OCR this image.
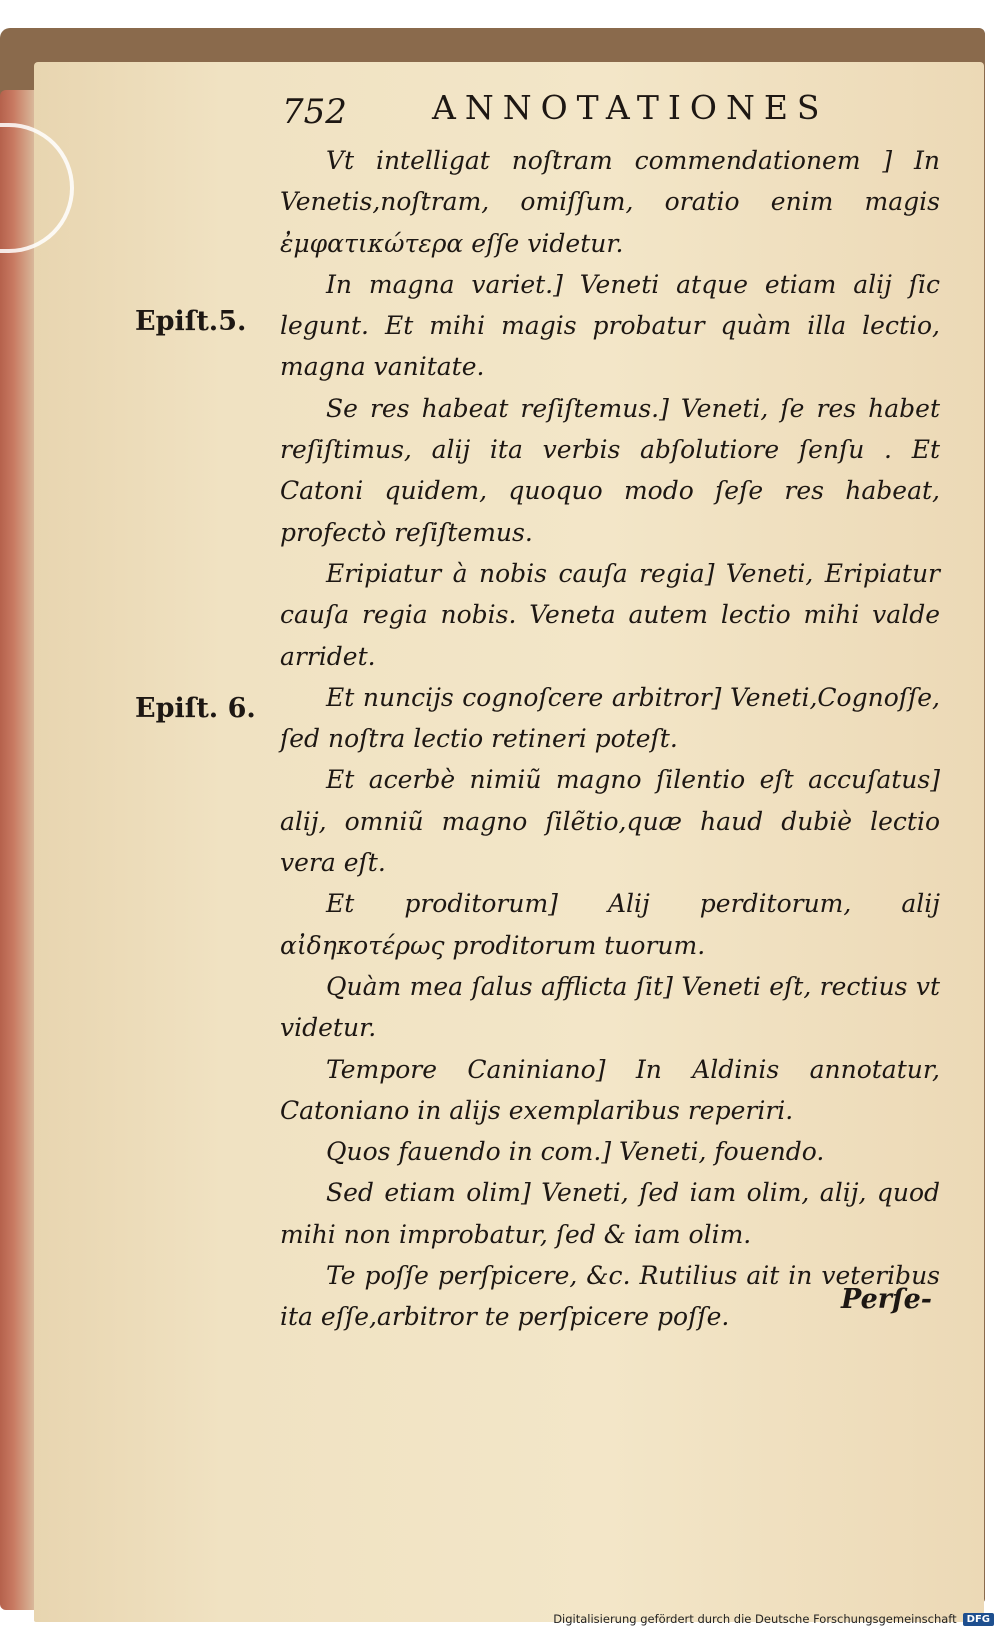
752	ANNOTATIONES
Epiſt.5.
Epiſt. 6.

Vt intelligat noſtram commendationem ] In Venetis,noſtram, omiſſum, oratio enim magis ἐμφατικώτερα eſſe videtur.

In magna variet.] Veneti atque etiam alij ſic legunt. Et mihi magis probatur quàm illa lectio, magna vanitate.

Se res habeat reſiſtemus.] Veneti, ſe res habet reſiſtimus, alij ita verbis abſolutiore ſenſu . Et Catoni quidem, quoquo modo ſeſe res habeat, profectò reſiſtemus.

Eripiatur à nobis cauſa regia] Veneti, Eripiatur cauſa regia nobis. Veneta autem lectio mihi valde arridet.

Et nuncijs cognoſcere arbitror] Veneti,Cognoſſe, ſed noſtra lectio retineri poteſt.

Et acerbè nimiũ magno ſilentio eſt accuſatus] alij, omniũ magno ſilẽtio,quæ haud dubiè lectio vera eſt.

Et proditorum] Alij perditorum, alij αἰδηκοτέρως proditorum tuorum.

Quàm mea ſalus afflicta ſit] Veneti eſt, rectius vt videtur.

Tempore Caniniano] In Aldinis annotatur, Catoniano in alijs exemplaribus reperiri.

Quos fauendo in com.] Veneti, fouendo.

Sed etiam olim] Veneti, ſed iam olim, alij, quod mihi non improbatur, ſed & iam olim.

Te poſſe perſpicere, &c. Rutilius ait in veteribus ita eſſe,arbitror te perſpicere poſſe.

Perſe-
Digitalisierung gefördert durch die Deutsche Forschungsgemeinschaft	DFG
